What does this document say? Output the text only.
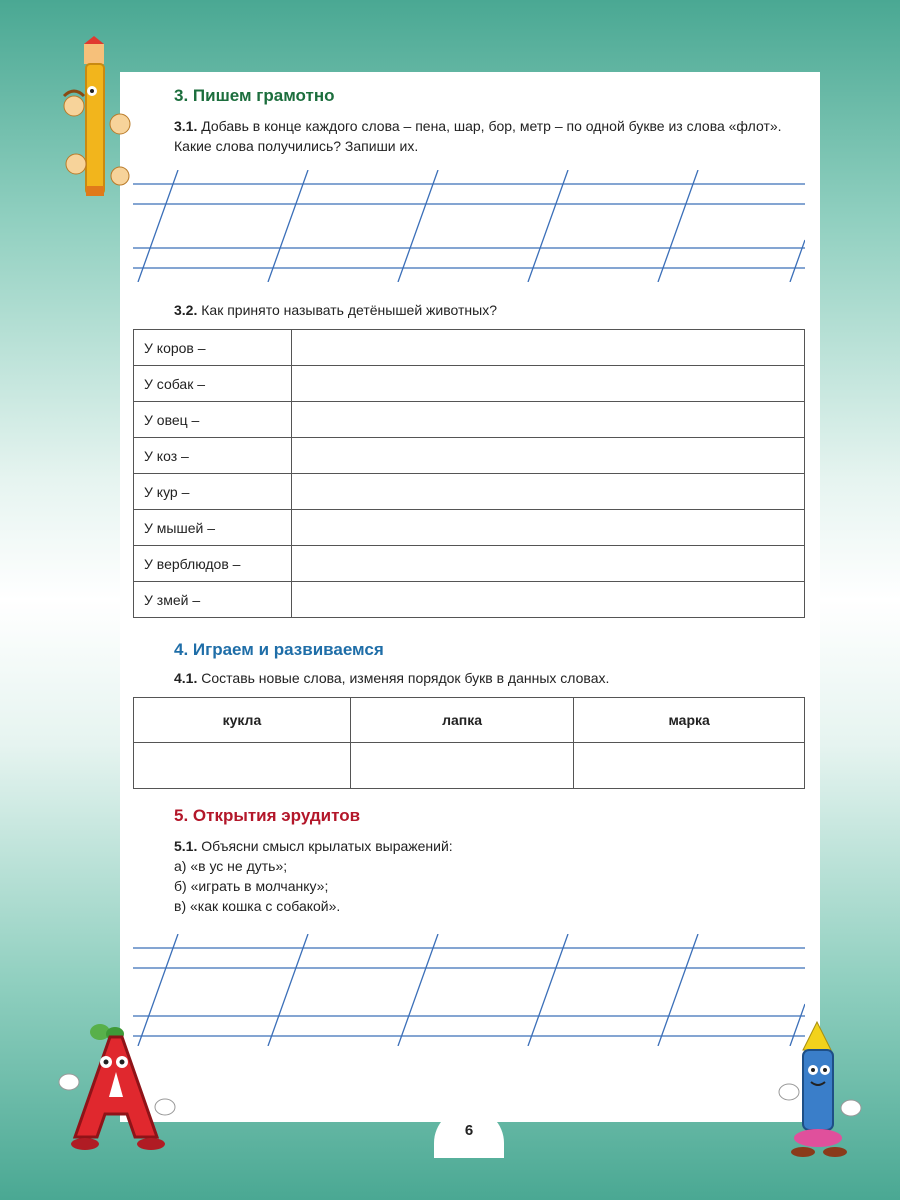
3. Пишем грамотно

3.1. Добавь в конце каждого слова – пена, шар, бор, метр – по одной букве из слова «флот». Какие слова получились? Запиши их.

3.2. Как принято называть детёнышей животных?

У коров –	
У собак –	
У овец –	
У коз –	
У кур –	
У мышей –	
У верблюдов –	
У змей –	
4. Играем и развиваемся

4.1. Составь новые слова, изменяя порядок букв в данных словах.

кукла	лапка	марка

5. Открытия эрудитов
5.1. Объясни смысл крылатых выражений:
а) «в ус не дуть»;
б) «играть в молчанку»;
в) «как кошка с собакой».
6
